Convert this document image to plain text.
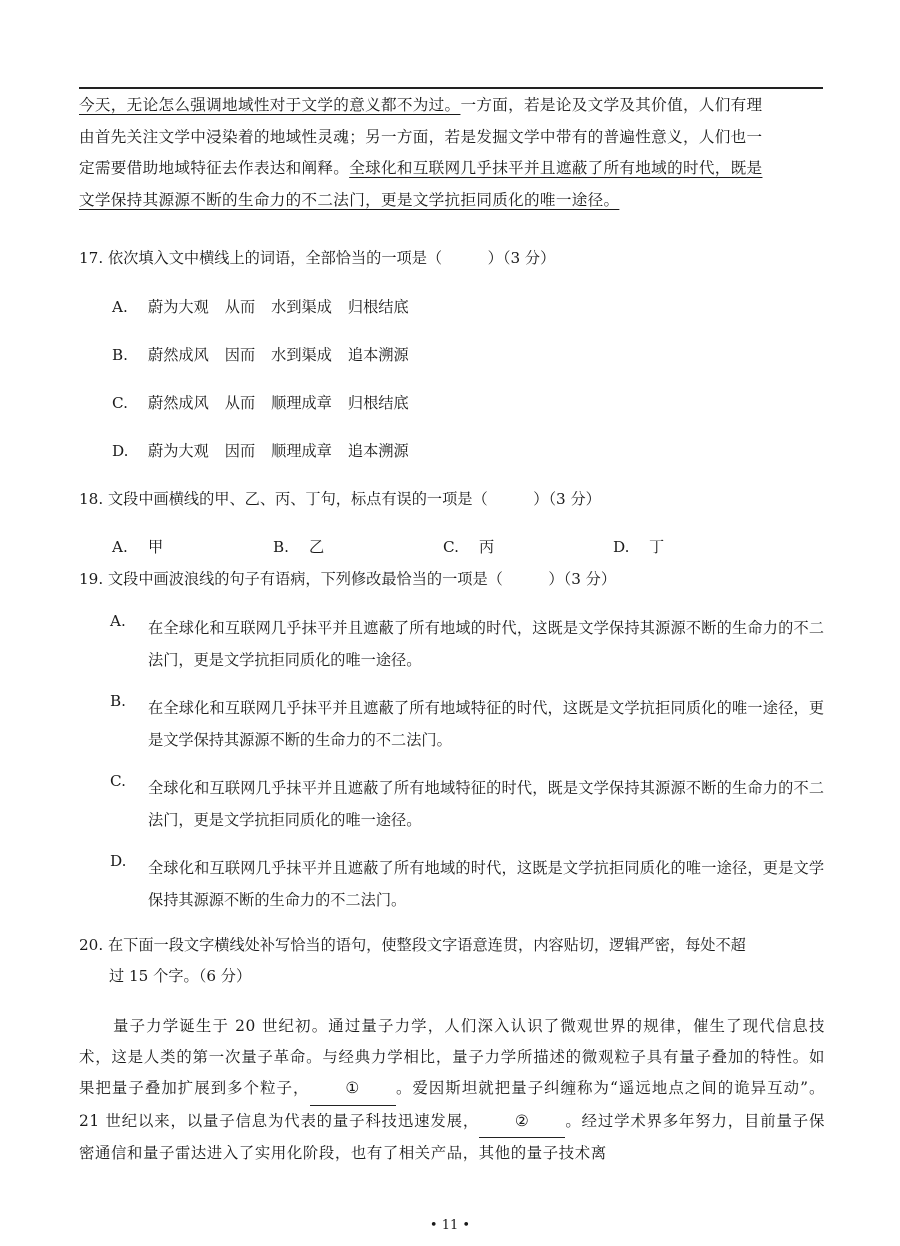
今天，无论怎么强调地域性对于文学的意义都不为过。一方面，若是论及文学及其价值，人们有理
由首先关注文学中浸染着的地域性灵魂；另一方面，若是发掘文学中带有的普遍性意义，人们也一
定需要借助地域特征去作表达和阐释。全球化和互联网几乎抹平并且遮蔽了所有地域的时代，既是
文学保持其源源不断的生命力的不二法门，更是文学抗拒同质化的唯一途径。
17. 依次填入文中横线上的词语，全部恰当的一项是（　　　）（3 分）
A. 蔚为大观 从而 水到渠成 归根结底
B. 蔚然成风 因而 水到渠成 追本溯源
C. 蔚然成风 从而 顺理成章 归根结底
D. 蔚为大观 因而 顺理成章 追本溯源
18. 文段中画横线的甲、乙、丙、丁句，标点有误的一项是（　　　）（3 分）
A. 甲	B. 乙	C. 丙	D. 丁
19. 文段中画波浪线的句子有语病，下列修改最恰当的一项是（　　　）（3 分）
A. 在全球化和互联网几乎抹平并且遮蔽了所有地域的时代，这既是文学保持其源源不断的生命力的不二法门，更是文学抗拒同质化的唯一途径。
B. 在全球化和互联网几乎抹平并且遮蔽了所有地域特征的时代，这既是文学抗拒同质化的唯一途径，更是文学保持其源源不断的生命力的不二法门。
C. 全球化和互联网几乎抹平并且遮蔽了所有地域特征的时代，既是文学保持其源源不断的生命力的不二法门，更是文学抗拒同质化的唯一途径。
D. 全球化和互联网几乎抹平并且遮蔽了所有地域的时代，这既是文学抗拒同质化的唯一途径，更是文学保持其源源不断的生命力的不二法门。
20. 在下面一段文字横线处补写恰当的语句，使整段文字语意连贯，内容贴切，逻辑严密，每处不超
过 15 个字。（6 分）
量子力学诞生于 20 世纪初。通过量子力学，人们深入认识了微观世界的规律，催生了现代信息技术，这是人类的第一次量子革命。与经典力学相比，量子力学所描述的微观粒子具有量子叠加的特性。如果把量子叠加扩展到多个粒子， ① 。爱因斯坦就把量子纠缠称为“遥远地点之间的诡异互动”。21 世纪以来，以量子信息为代表的量子科技迅速发展， ② 。经过学术界多年努力，目前量子保密通信和量子雷达进入了实用化阶段，也有了相关产品，其他的量子技术离
• 11 •
